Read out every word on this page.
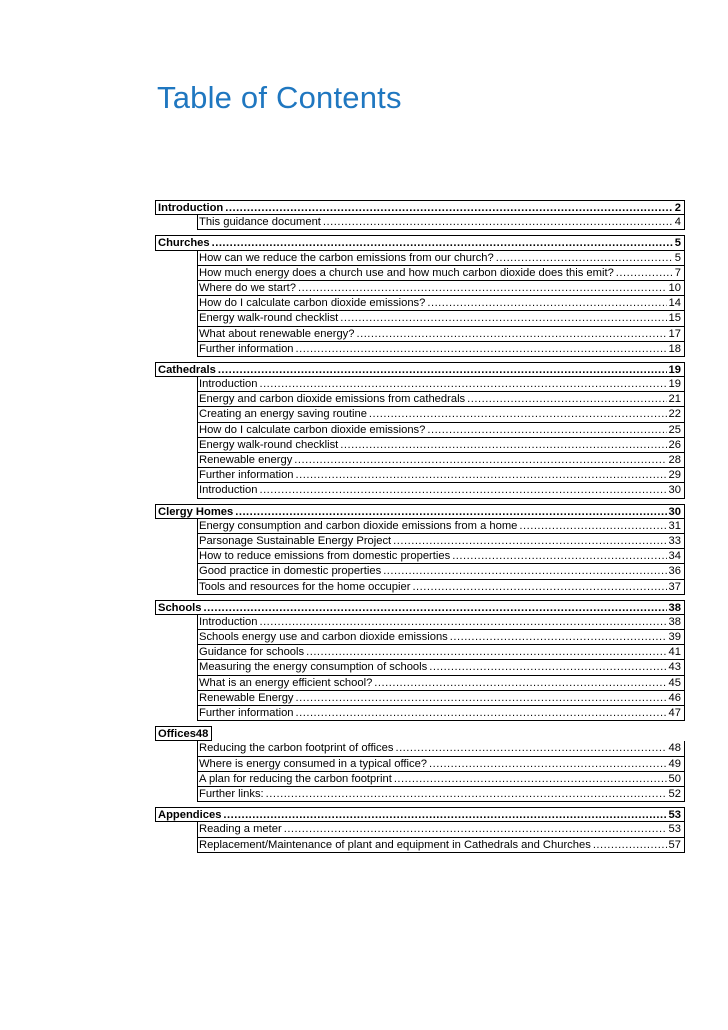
Table of Contents
Introduction .....	2
This guidance document .....	4
Churches .....	5
How can we reduce the carbon emissions from our church? .....	5
How much energy does a church use and how much carbon dioxide does this emit? .....	7
Where do we start? .....	10
How do I calculate carbon dioxide emissions? .....	14
Energy walk-round checklist .....	15
What about renewable energy? .....	17
Further information .....	18
Cathedrals .....	19
Introduction .....	19
Energy and carbon dioxide emissions from cathedrals .....	21
Creating an energy saving routine .....	22
How do I calculate carbon dioxide emissions? .....	25
Energy walk-round checklist .....	26
Renewable energy .....	28
Further information .....	29
Introduction .....	30
Clergy Homes .....	30
Energy consumption and carbon dioxide emissions from a home .....	31
Parsonage Sustainable Energy Project .....	33
How to reduce emissions from domestic properties .....	34
Good practice in domestic properties .....	36
Tools and resources for the home occupier .....	37
Schools .....	38
Introduction .....	38
Schools energy use and carbon dioxide emissions .....	39
Guidance for schools .....	41
Measuring the energy consumption of schools .....	43
What is an energy efficient school? .....	45
Renewable Energy .....	46
Further information .....	47
Offices48
Reducing the carbon footprint of offices .....	48
Where is energy consumed in a typical office? .....	49
A plan for reducing the carbon footprint .....	50
Further links: .....	52
Appendices .....	53
Reading a meter .....	53
Replacement/Maintenance of plant and equipment in Cathedrals and Churches .....	57
